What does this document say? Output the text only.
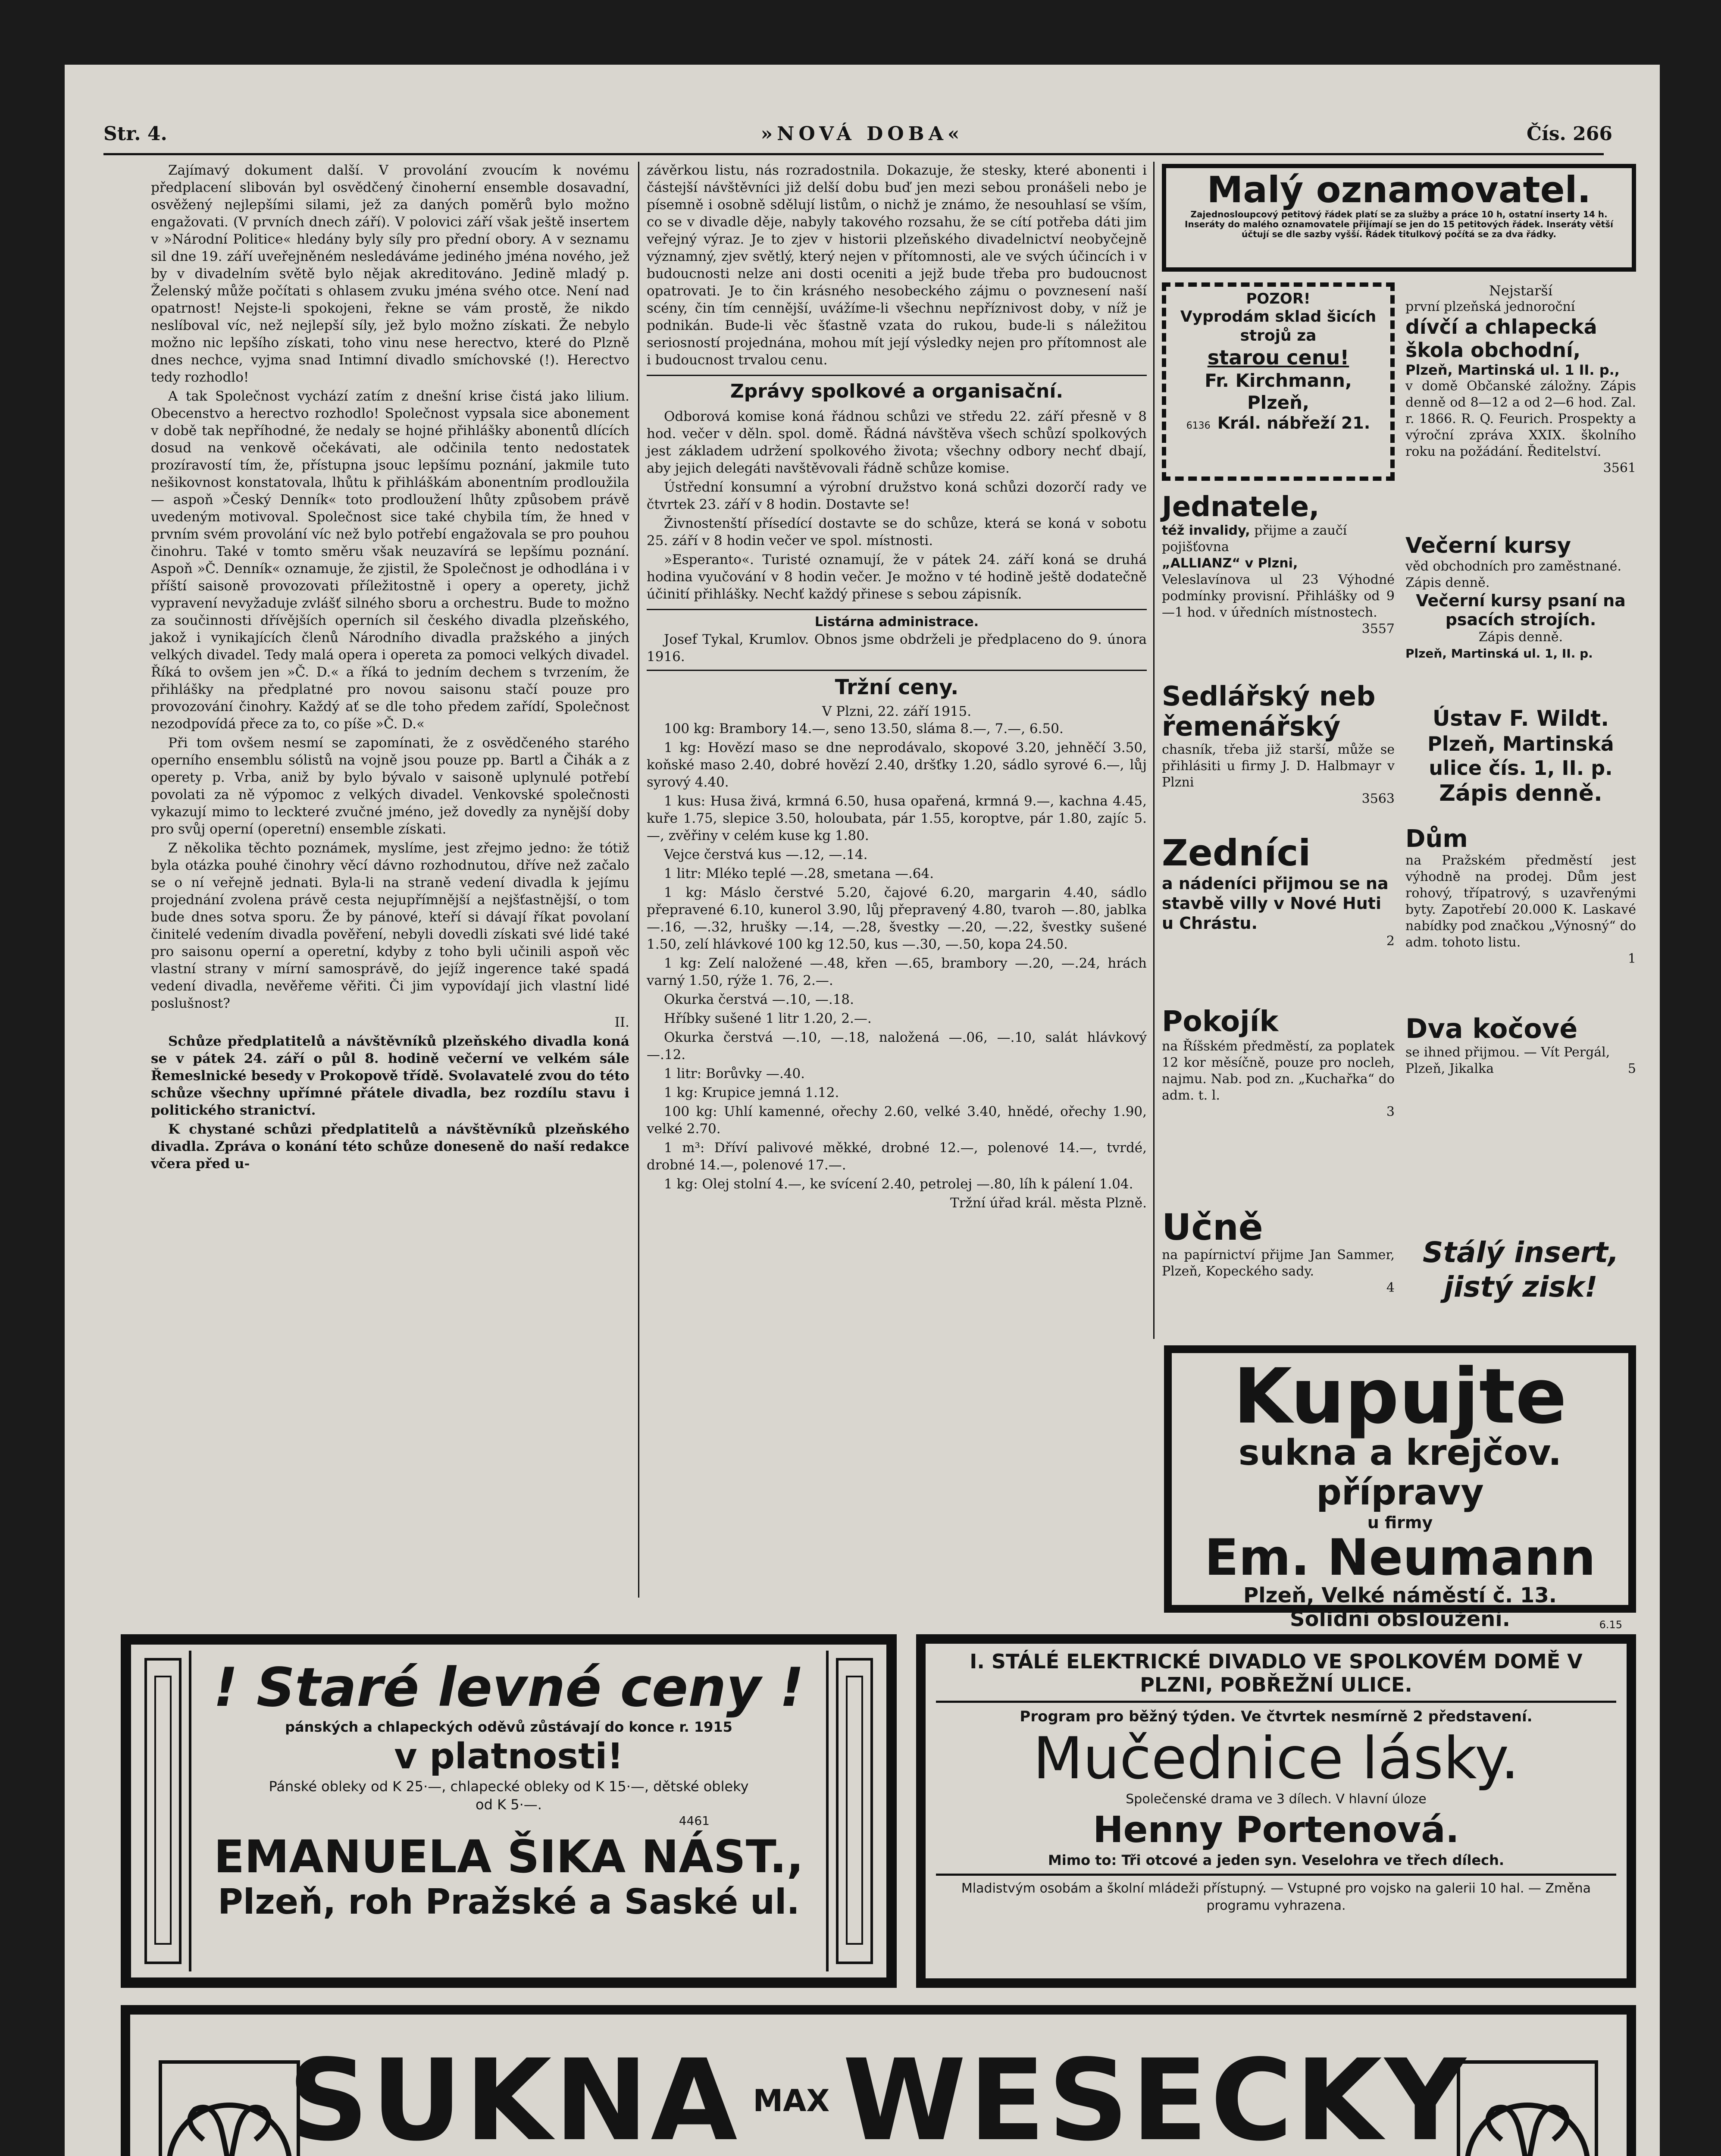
Str. 4.	»NOVÁ DOBA«	Čís. 266

Zajímavý dokument další. V provolání zvoucím k novému předplacení slibován byl osvědčený činoherní ensemble dosavadní, osvěžený nejlepšími silami, jež za daných poměrů bylo možno engažovati. (V prvních dnech září). V polovici září však ještě insertem v »Národní Politice« hledány byly síly pro přední obory. A v seznamu sil dne 19. září uveřejněném nesledáváme jediného jména nového, jež by v divadelním světě bylo nějak akreditováno. Jedině mladý p. Želenský může počítati s ohlasem zvuku jména svého otce. Není nad opatrnost! Nejste-li spokojeni, řekne se vám prostě, že nikdo neslíboval víc, než nejlepší síly, jež bylo možno získati. Že nebylo možno nic lepšího získati, toho vinu nese herectvo, které do Plzně dnes nechce, vyjma snad Intimní divadlo smíchovské (!). Herectvo tedy rozhodlo!

A tak Společnost vychází zatím z dnešní krise čistá jako lilium. Obecenstvo a herectvo rozhodlo! Společnost vypsala sice abonement v době tak nepříhodné, že nedaly se hojné přihlášky abonentů dlících dosud na venkově očekávati, ale odčinila tento nedostatek prozíravostí tím, že, přístupna jsouc lepšímu poznání, jakmile tuto nešikovnost konstatovala, lhůtu k přihláškám abonentním prodloužila — aspoň »Český Denník« toto prodloužení lhůty způsobem právě uvedeným motivoval. Společnost sice také chybila tím, že hned v prvním svém provolání víc než bylo potřebí engažovala se pro pouhou činohru. Také v tomto směru však neuzavírá se lepšímu poznání. Aspoň »Č. Denník« oznamuje, že zjistil, že Společnost je odhodlána i v příští saisoně provozovati příležitostně i opery a operety, jichž vypravení nevyžaduje zvlášť silného sboru a orchestru. Bude to možno za součinnosti dřívějších operních sil českého divadla plzeňského, jakož i vynikajících členů Národního divadla pražského a jiných velkých divadel. Tedy malá opera i opereta za pomoci velkých divadel. Říká to ovšem jen »Č. D.« a říká to jedním dechem s tvrzením, že přihlášky na předplatné pro novou saisonu stačí pouze pro provozování činohry. Každý ať se dle toho předem zařídí, Společnost nezodpovídá přece za to, co píše »Č. D.«

Při tom ovšem nesmí se zapomínati, že z osvědčeného starého operního ensemblu sólistů na vojně jsou pouze pp. Bartl a Čihák a z operety p. Vrba, aniž by bylo bývalo v saisoně uplynulé potřebí povolati za ně výpomoc z velkých divadel. Venkovské společnosti vykazují mimo to leckteré zvučné jméno, jež dovedly za nynější doby pro svůj operní (operetní) ensemble získati.

Z několika těchto poznámek, myslíme, jest zřejmo jedno: že tótiž byla otázka pouhé činohry věcí dávno rozhodnutou, dříve než začalo se o ní veřejně jednati. Byla-li na straně vedení divadla k jejímu projednání zvolena právě cesta nejupřímnější a nejšťastnější, o tom bude dnes sotva sporu. Že by pánové, kteří si dávají říkat povolaní činitelé vedením divadla pověření, nebyli dovedli získati své lidé také pro saisonu operní a operetní, kdyby z toho byli učinili aspoň věc vlastní strany v mírní samosprávě, do jejíž ingerence také spadá vedení divadla, nevěřeme věřiti. Či jim vypovídají jich vlastní lidé poslušnost?

II.

Schůze předplatitelů a návštěvníků plzeňského divadla koná se v pátek 24. září o půl 8. hodině večerní ve velkém sále Řemeslnické besedy v Prokopově třídě. Svolavatelé zvou do této schůze všechny upřímné přátele divadla, bez rozdílu stavu i politického stranictví.

K chystané schůzi předplatitelů a návštěvníků plzeňského divadla. Zpráva o konání této schůze doneseně do naší redakce včera před u-

závěrkou listu, nás rozradostnila. Dokazuje, že stesky, které abonenti i částejší návštěvníci již delší dobu buď jen mezi sebou pronášeli nebo je písemně i osobně sdělují listům, o nichž je známo, že nesouhlasí se vším, co se v divadle děje, nabyly takového rozsahu, že se cítí potřeba dáti jim veřejný výraz. Je to zjev v historii plzeňského divadelnictví neobyčejně významný, zjev světlý, který nejen v přítomnosti, ale ve svých účincích i v budoucnosti nelze ani dosti oceniti a jejž bude třeba pro budoucnost opatrovati. Je to čin krásného nesobeckého zájmu o povznesení naší scény, čin tím cennější, uvážíme-li všechnu nepříznivost doby, v níž je podnikán. Bude-li věc šťastně vzata do rukou, bude-li s náležitou seriosností projednána, mohou mít její výsledky nejen pro přítomnost ale i budoucnost trvalou cenu.

Zprávy spolkové a organisační.

Odborová komise koná řádnou schůzi ve středu 22. září přesně v 8 hod. večer v děln. spol. domě. Řádná návštěva všech schůzí spolkových jest základem udržení spolkového života; všechny odbory nechť dbají, aby jejich delegáti navštěvovali řádně schůze komise.

Ústřední konsumní a výrobní družstvo koná schůzi dozorčí rady ve čtvrtek 23. září v 8 hodin. Dostavte se!

Živnostenští přísedící dostavte se do schůze, která se koná v sobotu 25. září v 8 hodin večer ve spol. místnosti.

»Esperanto«. Turisté oznamují, že v pátek 24. září koná se druhá hodina vyučování v 8 hodin večer. Je možno v té hodině ještě dodatečně účinití přihlášky. Nechť každý přinese s sebou zápisník.

Listárna administrace.

Josef Tykal, Krumlov. Obnos jsme obdrželi je předplaceno do 9. února 1916.

Tržní ceny.
V Plzni, 22. září 1915.

100 kg: Brambory 14.—, seno 13.50, sláma 8.—, 7.—, 6.50.

1 kg: Hovězí maso se dne neprodávalo, skopové 3.20, jehněčí 3.50, koňské maso 2.40, dobré hovězí 2.40, dršťky 1.20, sádlo syrové 6.—, lůj syrový 4.40.

1 kus: Husa živá, krmná 6.50, husa opařená, krmná 9.—, kachna 4.45, kuře 1.75, slepice 3.50, holoubata, pár 1.55, koroptve, pár 1.80, zajíc 5.—, zvěřiny v celém kuse kg 1.80.

Vejce čerstvá kus —.12, —.14.

1 litr: Mléko teplé —.28, smetana —.64.

1 kg: Máslo čerstvé 5.20, čajové 6.20, margarin 4.40, sádlo přepravené 6.10, kunerol 3.90, lůj přepravený 4.80, tvaroh —.80, jablka —.16, —.32, hrušky —.14, —.28, švestky —.20, —.22, švestky sušené 1.50, zelí hlávkové 100 kg 12.50, kus —.30, —.50, kopa 24.50.

1 kg: Zelí naložené —.48, křen —.65, brambory —.20, —.24, hrách varný 1.50, rýže 1. 76, 2.—.

Okurka čerstvá —.10, —.18.

Hříbky sušené 1 litr 1.20, 2.—.

Okurka čerstvá —.10, —.18, naložená —.06, —.10, salát hlávkový —.12.

1 litr: Borůvky —.40.

1 kg: Krupice jemná 1.12.

100 kg: Uhlí kamenné, ořechy 2.60, velké 3.40, hnědé, ořechy 1.90, velké 2.70.

1 m³: Dříví palivové měkké, drobné 12.—, polenové 14.—, tvrdé, drobné 14.—, polenové 17.—.

1 kg: Olej stolní 4.—, ke svícení 2.40, petrolej —.80, líh k pálení 1.04.

Tržní úřad král. města Plzně.
Malý oznamovatel.
Zajednosloupcový petitový řádek platí se za služby a práce 10 h, ostatní inserty 14 h. Inseráty do malého oznamovatele přijímají se jen do 15 petitových řádek. Inseráty větší účtují se dle sazby vyšší. Řádek titulkový počítá se za dva řádky.
POZOR!
Vyprodám sklad šicích strojů za
starou cenu!
Fr. Kirchmann,
Plzeň,
6136 Král. nábřeží 21.
Nejstarší
první plzeňská jednoroční
dívčí a chlapecká škola obchodní,
Plzeň, Martinská ul. 1 II. p.,
v domě Občanské záložny. Zápis denně od 8—12 a od 2—6 hod. Zal. r. 1866. R. Q. Feurich. Prospekty a výroční zpráva XXIX. školního roku na požádání. Ředitelství.
3561
Jednatele,
též invalidy, přijme a zaučí pojišťovna
„ALLIANZ“ v Plzni,
Veleslavínova ul 23 Výhodné podmínky provisní. Přihlášky od 9—1 hod. v úředních místnostech.
3557
Večerní kursy
věd obchodních pro zaměstnané. Zápis denně.
Večerní kursy psaní na psacích strojích.
Zápis denně.
Plzeň, Martinská ul. 1, II. p.
Sedlářský neb řemenářský
chasník, třeba již starší, může se přihlásiti u firmy J. D. Halbmayr v Plzni
3563
Ústav F. Wildt.
Plzeň, Martinská ulice čís. 1, II. p.
Zápis denně.
Zedníci
a nádeníci přijmou se na stavbě villy v Nové Huti u Chrástu.
2
Dům
na Pražském předměstí jest výhodně na prodej. Dům jest rohový, třípatrový, s uzavřenými byty. Zapotřebí 20.000 K. Laskavé nabídky pod značkou „Výnosný“ do adm. tohoto listu.
1
Pokojík
na Říšském předměstí, za poplatek 12 kor měsíčně, pouze pro nocleh, najmu. Nab. pod zn. „Kuchařka“ do adm. t. l.
3
Dva kočové
se ihned přijmou. — Vít Pergál, Plzeň, Jikalka	5
Učně
na papírnictví přijme Jan Sammer, Plzeň, Kopeckého sady.
4
Stálý insert,
jistý zisk!
Kupujte
sukna a krejčov.
přípravy
u firmy
Em. Neumann
Plzeň, Velké náměstí č. 13.
Solidní obsloužení.	6.15
! Staré levné ceny !
pánských a chlapeckých oděvů zůstávají do konce r. 1915
v platnosti!
Pánské obleky od K 25·—, chlapecké obleky od K 15·—, dětské obleky od K 5·—.
4461
EMANUELA ŠIKA NÁST.,
Plzeň, roh Pražské a Saské ul.
I. STÁLÉ ELEKTRICKÉ DIVADLO VE SPOLKOVÉM DOMĚ V PLZNI, POBŘEŽNÍ ULICE.
Program pro běžný týden. Ve čtvrtek nesmírně 2 představení.
Mučednice lásky.
Společenské drama ve 3 dílech. V hlavní úloze
Henny Portenová.
Mimo to: Tři otcové a jeden syn. Veselohra ve třech dílech.
Mladistvým osobám a školní mládeži přístupný. — Vstupné pro vojsko na galerii 10 hal. — Změna programu vyhrazena.
SUKNA MAX WESECKY
